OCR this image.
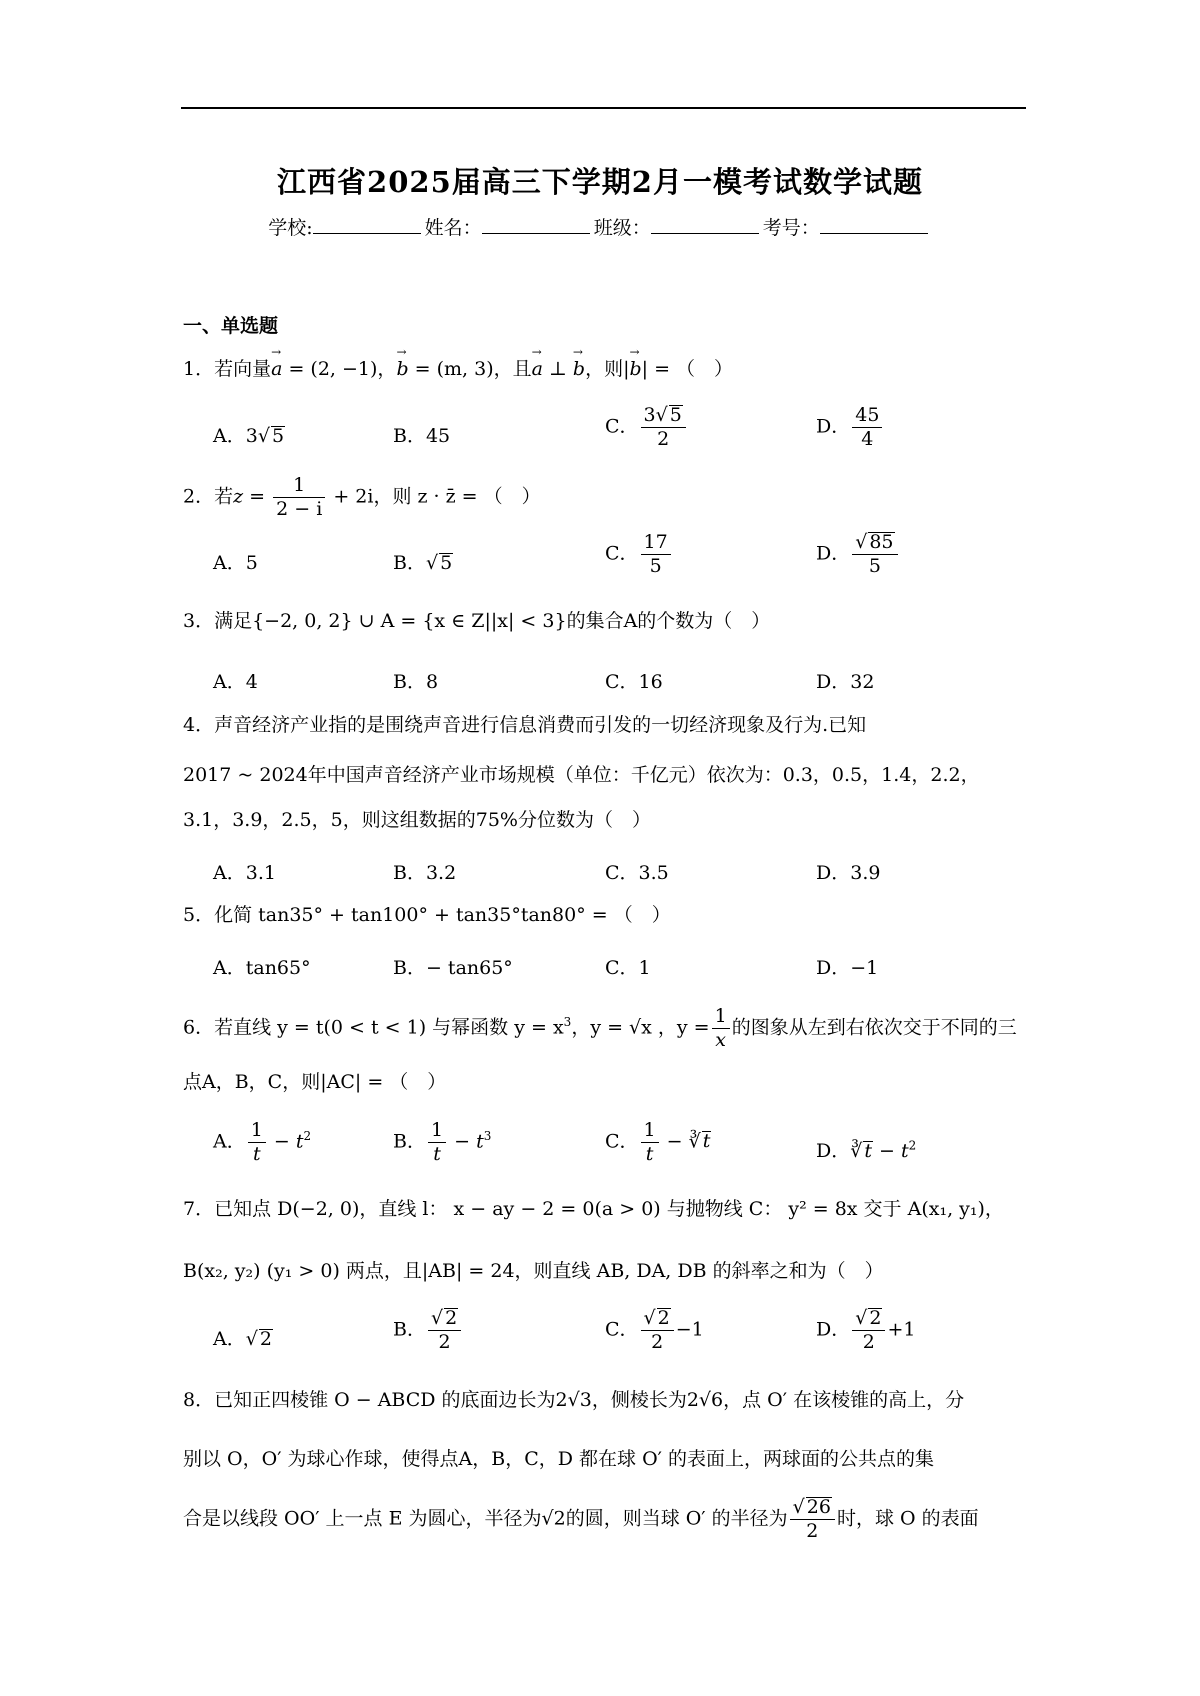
江西省2025届高三下学期2月一模考试数学试题
学校:	姓名：	班级：	考号：
一、单选题
1．若向量→ a = (2, −1)，→ b = (m, 3)，且→ a ⊥ → b，则|→ b| = （　）
A．3√ 5	B．45	C． $\frac{3√ 5}{2}$	D． $\frac{45}{4}$
2．若$z = \frac{1}{2 - i} + 2i$，则 z · z̄ = （　）
A．5	B．√ 5	C． $\frac{17}{5}$	D． $\frac{√ 85}{5}$
3．满足{−2, 0, 2} ∪ A = {x ∈ Z||x| < 3}的集合A的个数为（　）
A．4	B．8	C．16	D．32
4．声音经济产业指的是围绕声音进行信息消费而引发的一切经济现象及行为.已知
2017 ~ 2024年中国声音经济产业市场规模（单位：千亿元）依次为：0.3，0.5，1.4，2.2，
3.1，3.9，2.5，5，则这组数据的75%分位数为（　）
A．3.1	B．3.2	C．3.5	D．3.9
5．化简 tan35° + tan100° + tan35°tan80° = （　）
A．tan65°	B．− tan65°	C．1	D．−1
6．若直线 y = t(0 < t < 1) 与幂函数 $y = x^3$，y = √x ，$y = \frac{1}{x}$ 的图象从左到右依次交于不同的三
点A，B，C，则|AC| = （　）
A． $\frac{1}{t} - t^2$	B． $\frac{1}{t} - t^3$	C． $\frac{1}{t}$ − ∛ t	D．∛ $t - t^2$
7．已知点 D(−2, 0)，直线 l： x − ay − 2 = 0(a > 0) 与抛物线 C： y² = 8x 交于 A(x₁, y₁)，
B(x₂, y₂) (y₁ > 0) 两点，且|AB| = 24，则直线 AB, DA, DB 的斜率之和为（　）
A．√ 2	B． $\frac{√ 2}{2}$	C． $\frac{√ 2}{2} -1$	D． $\frac{√ 2}{2} +1$
8．已知正四棱锥 O − ABCD 的底面边长为2√3，侧棱长为2√6，点 O′ 在该棱锥的高上，分
别以 O，O′ 为球心作球，使得点A，B，C，D 都在球 O′ 的表面上，两球面的公共点的集
合是以线段 OO′ 上一点 E 为圆心，半径为√2的圆，则当球 O′ 的半径为 $\frac{√ 26}{2}$ 时，球 O 的表面
